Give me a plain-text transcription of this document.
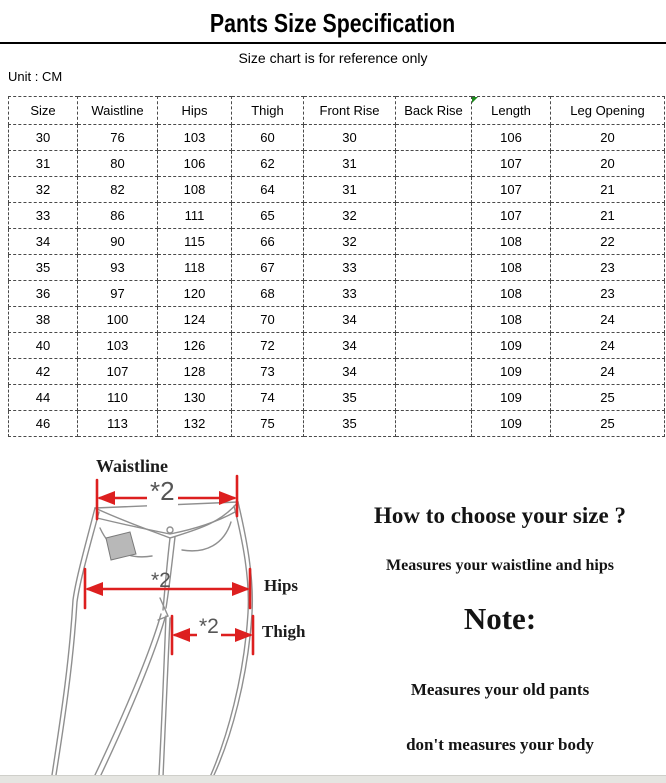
Pants Size Specification
Size chart is for reference only
Unit : CM
Size	Waistline	Hips	Thigh	Front Rise	Back Rise	Length	Leg Opening
30	76	103	60	30		106	20
31	80	106	62	31		107	20
32	82	108	64	31		107	21
33	86	111	65	32		107	21
34	90	115	66	32		108	22
35	93	118	67	33		108	23
36	97	120	68	33		108	23
38	100	124	70	34		108	24
40	103	126	72	34		109	24
42	107	128	73	34		109	24
44	110	130	74	35		109	25
46	113	132	75	35		109	25
Waistline
*2
*2	Hips
*2	Thigh
How to choose your size ?
Measures your waistline and hips
Note:
Measures your old pants
don't measures your body
